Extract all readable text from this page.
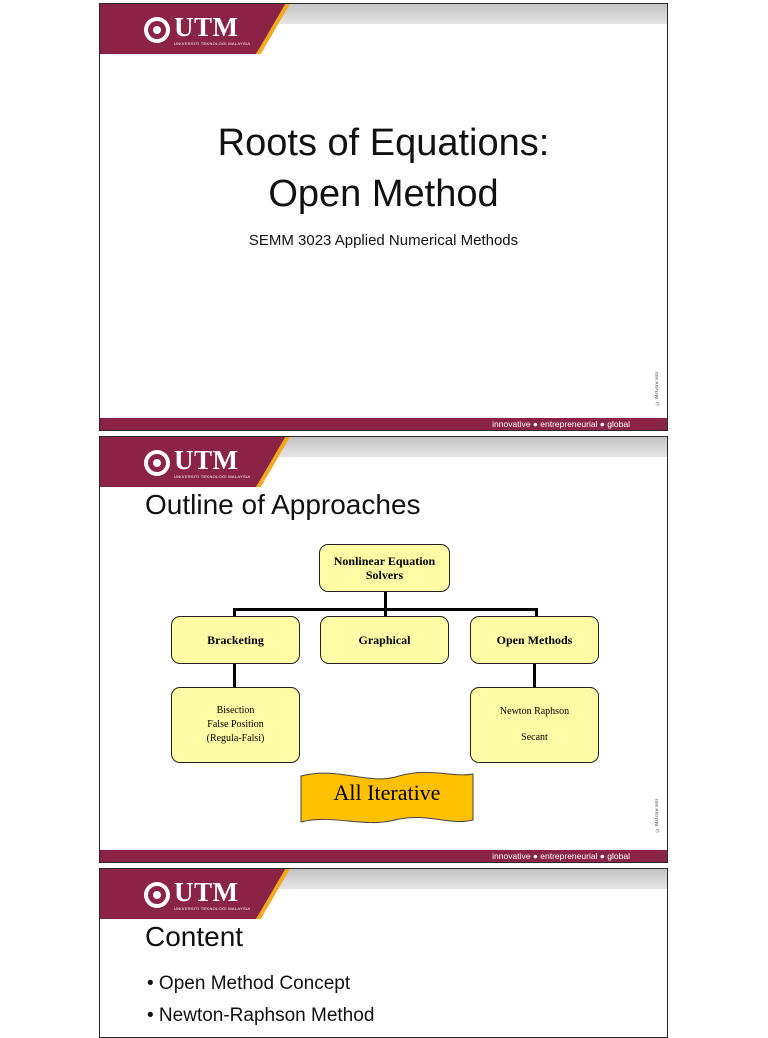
UTM
UNIVERSITI TEKNOLOGI MALAYSIA
Roots of Equations:
Open Method
SEMM 3023 Applied Numerical Methods
© McGraw Hill
innovative ● entrepreneurial ● global
UTM
UNIVERSITI TEKNOLOGI MALAYSIA
Outline of Approaches
Nonlinear Equation
Solvers
Bracketing	Graphical	Open Methods
Bisection
False Position
(Regula-Falsi)
Newton Raphson
Secant
All Iterative
© McGraw Hill
innovative ● entrepreneurial ● global
UTM
UNIVERSITI TEKNOLOGI MALAYSIA
Content
• Open Method Concept
• Newton-Raphson Method
